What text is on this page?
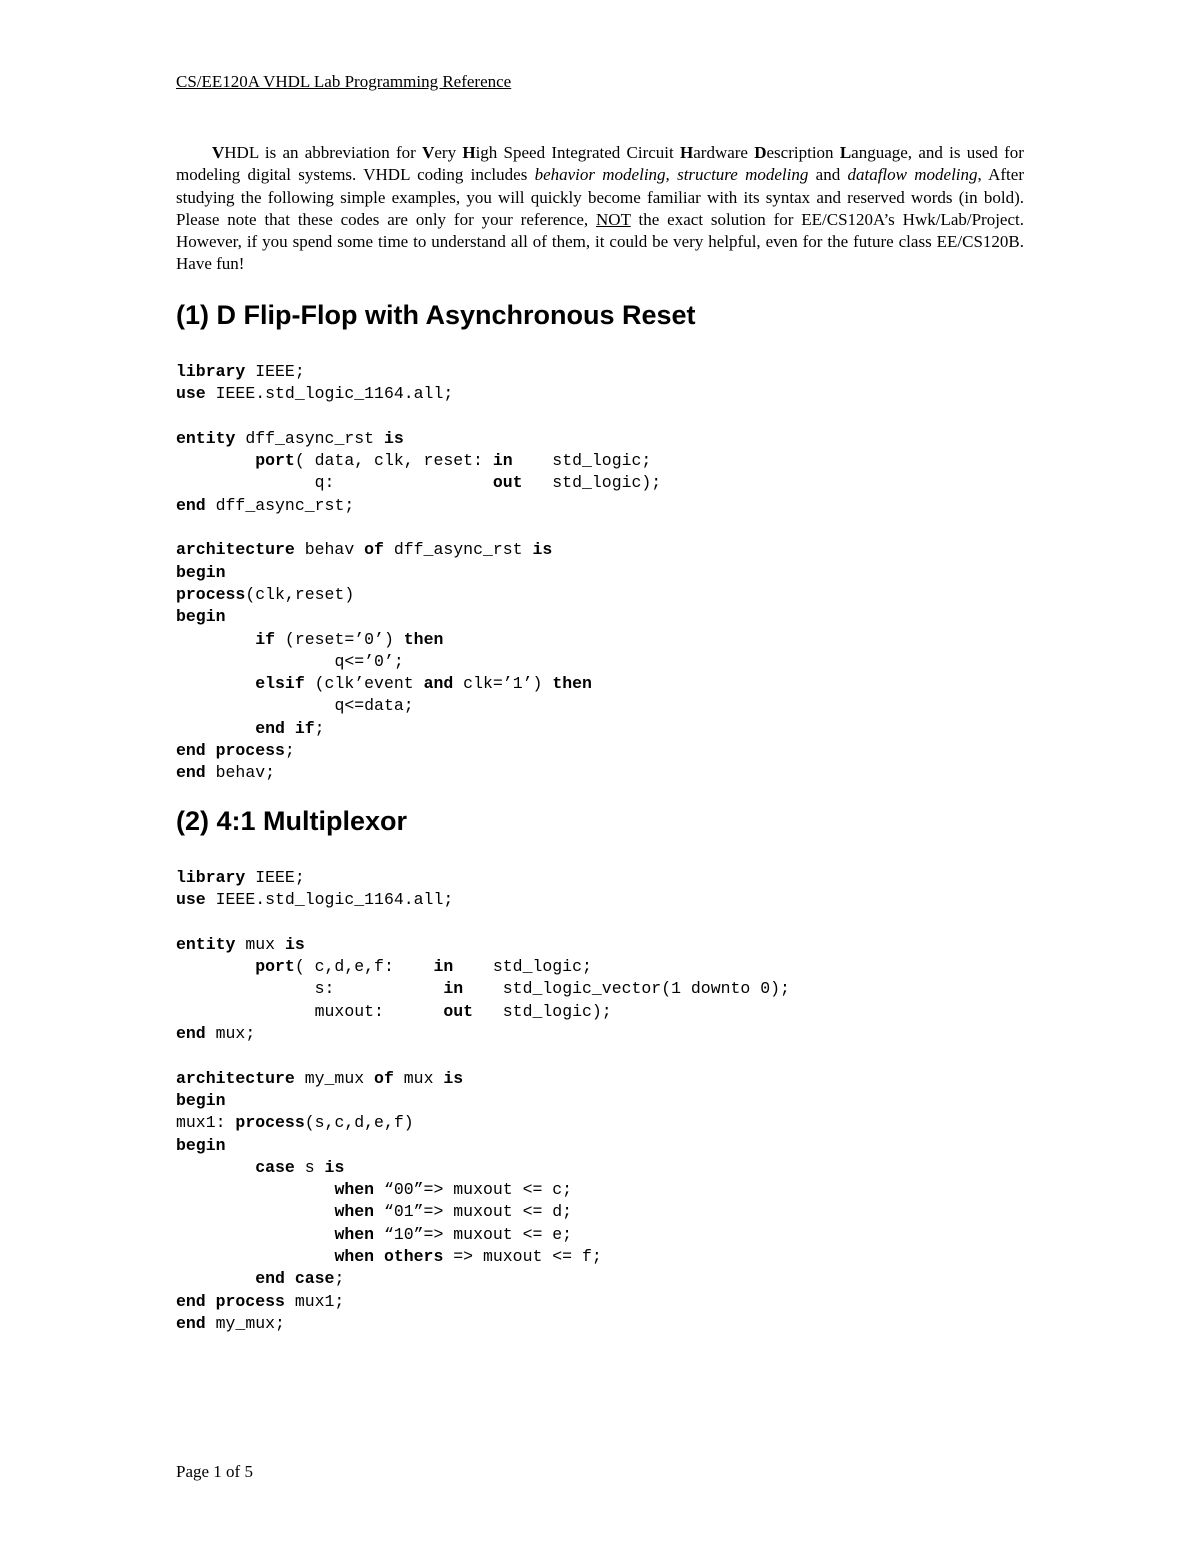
CS/EE120A VHDL Lab Programming Reference

VHDL is an abbreviation for Very High Speed Integrated Circuit Hardware Description Language, and is used for modeling digital systems. VHDL coding includes behavior modeling, structure modeling and dataflow modeling, After studying the following simple examples, you will quickly become familiar with its syntax and reserved words (in bold). Please note that these codes are only for your reference, NOT the exact solution for EE/CS120A’s Hwk/Lab/Project. However, if you spend some time to understand all of them, it could be very helpful, even for the future class EE/CS120B. Have fun!

(1) D Flip-Flop with Asynchronous Reset
library IEEE;
use IEEE.std_logic_1164.all;

entity dff_async_rst is
	port( data, clk, reset: in    std_logic;
	q:	out   std_logic);
end dff_async_rst;

architecture behav of dff_async_rst is
begin
process(clk,reset)
begin
	if (reset=’0’) then
		q<=’0’;
	elsif (clk’event and clk=’1’) then
		q<=data;
	end if;
end process;
end behav;
(2) 4:1 Multiplexor
library IEEE;
use IEEE.std_logic_1164.all;

entity mux is
	port( c,d,e,f:    in    std_logic;
	s:	in    std_logic_vector(1 downto 0);
	muxout:	out   std_logic);
end mux;

architecture my_mux of mux is
begin
mux1: process(s,c,d,e,f)
begin
	case s is
		when “00”=> muxout <= c;
		when “01”=> muxout <= d;
		when “10”=> muxout <= e;
		when others => muxout <= f;
	end case;
end process mux1;
end my_mux;
Page 1 of 5
